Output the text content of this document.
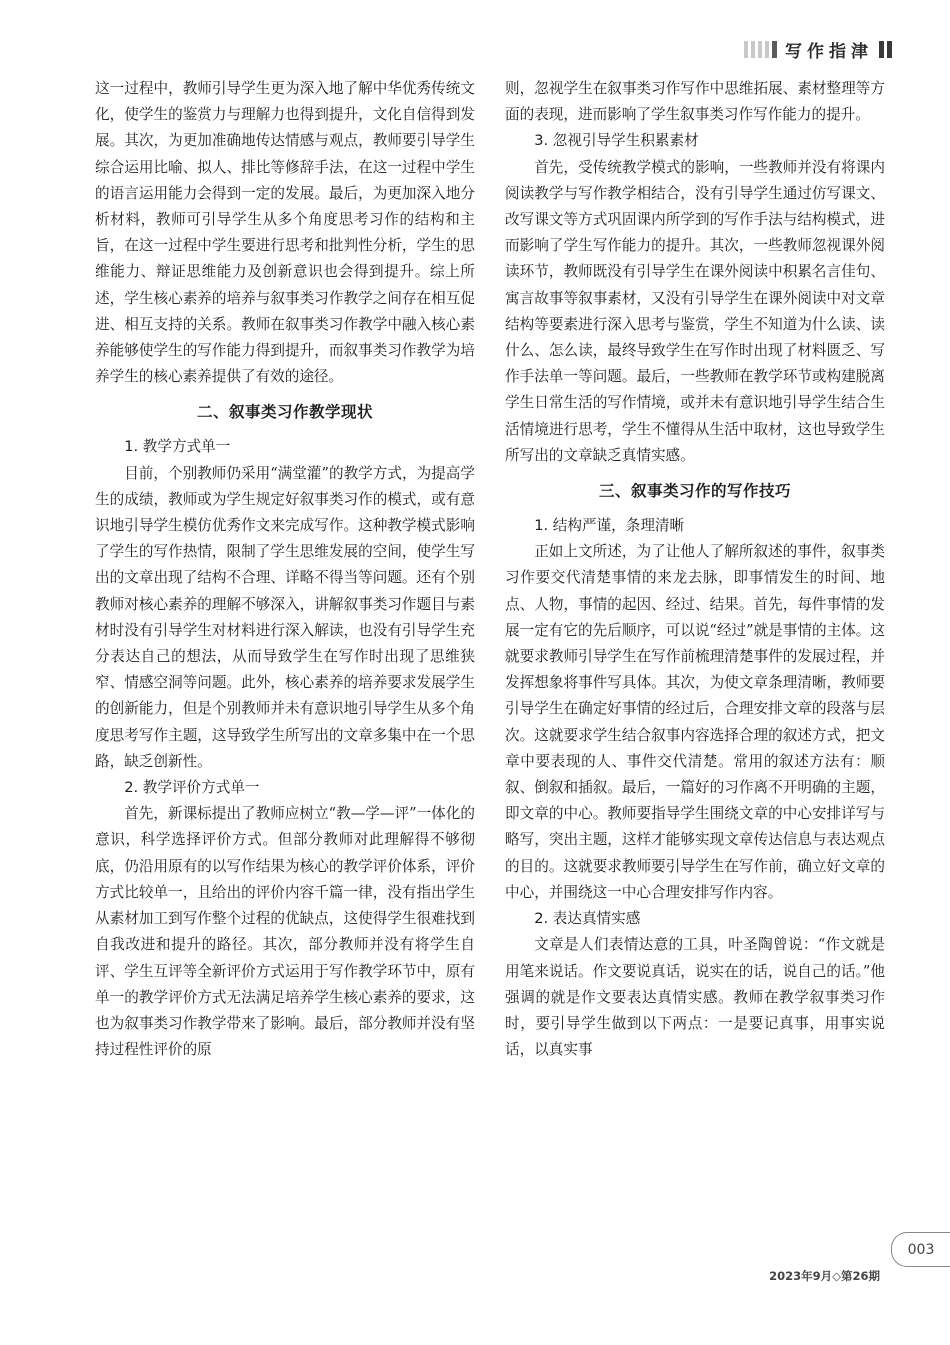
写作指津

这一过程中，教师引导学生更为深入地了解中华优秀传统文化，使学生的鉴赏力与理解力也得到提升，文化自信得到发展。其次，为更加准确地传达情感与观点，教师要引导学生综合运用比喻、拟人、排比等修辞手法，在这一过程中学生的语言运用能力会得到一定的发展。最后，为更加深入地分析材料，教师可引导学生从多个角度思考习作的结构和主旨，在这一过程中学生要进行思考和批判性分析，学生的思维能力、辩证思维能力及创新意识也会得到提升。综上所述，学生核心素养的培养与叙事类习作教学之间存在相互促进、相互支持的关系。教师在叙事类习作教学中融入核心素养能够使学生的写作能力得到提升，而叙事类习作教学为培养学生的核心素养提供了有效的途径。

二、叙事类习作教学现状
1. 教学方式单一

目前，个别教师仍采用“满堂灌”的教学方式，为提高学生的成绩，教师或为学生规定好叙事类习作的模式，或有意识地引导学生模仿优秀作文来完成写作。这种教学模式影响了学生的写作热情，限制了学生思维发展的空间，使学生写出的文章出现了结构不合理、详略不得当等问题。还有个别教师对核心素养的理解不够深入，讲解叙事类习作题目与素材时没有引导学生对材料进行深入解读，也没有引导学生充分表达自己的想法，从而导致学生在写作时出现了思维狭窄、情感空洞等问题。此外，核心素养的培养要求发展学生的创新能力，但是个别教师并未有意识地引导学生从多个角度思考写作主题，这导致学生所写出的文章多集中在一个思路，缺乏创新性。

2. 教学评价方式单一

首先，新课标提出了教师应树立“教—学—评”一体化的意识，科学选择评价方式。但部分教师对此理解得不够彻底，仍沿用原有的以写作结果为核心的教学评价体系，评价方式比较单一，且给出的评价内容千篇一律，没有指出学生从素材加工到写作整个过程的优缺点，这使得学生很难找到自我改进和提升的路径。其次，部分教师并没有将学生自评、学生互评等全新评价方式运用于写作教学环节中，原有单一的教学评价方式无法满足培养学生核心素养的要求，这也为叙事类习作教学带来了影响。最后，部分教师并没有坚持过程性评价的原

则，忽视学生在叙事类习作写作中思维拓展、素材整理等方面的表现，进而影响了学生叙事类习作写作能力的提升。

3. 忽视引导学生积累素材

首先，受传统教学模式的影响，一些教师并没有将课内阅读教学与写作教学相结合，没有引导学生通过仿写课文、改写课文等方式巩固课内所学到的写作手法与结构模式，进而影响了学生写作能力的提升。其次，一些教师忽视课外阅读环节，教师既没有引导学生在课外阅读中积累名言佳句、寓言故事等叙事素材，又没有引导学生在课外阅读中对文章结构等要素进行深入思考与鉴赏，学生不知道为什么读、读什么、怎么读，最终导致学生在写作时出现了材料匮乏、写作手法单一等问题。最后，一些教师在教学环节或构建脱离学生日常生活的写作情境，或并未有意识地引导学生结合生活情境进行思考，学生不懂得从生活中取材，这也导致学生所写出的文章缺乏真情实感。

三、叙事类习作的写作技巧
1. 结构严谨，条理清晰

正如上文所述，为了让他人了解所叙述的事件，叙事类习作要交代清楚事情的来龙去脉，即事情发生的时间、地点、人物，事情的起因、经过、结果。首先，每件事情的发展一定有它的先后顺序，可以说“经过”就是事情的主体。这就要求教师引导学生在写作前梳理清楚事件的发展过程，并发挥想象将事件写具体。其次，为使文章条理清晰，教师要引导学生在确定好事情的经过后，合理安排文章的段落与层次。这就要求学生结合叙事内容选择合理的叙述方式，把文章中要表现的人、事件交代清楚。常用的叙述方法有：顺叙、倒叙和插叙。最后，一篇好的习作离不开明确的主题，即文章的中心。教师要指导学生围绕文章的中心安排详写与略写，突出主题，这样才能够实现文章传达信息与表达观点的目的。这就要求教师要引导学生在写作前，确立好文章的中心，并围绕这一中心合理安排写作内容。

2. 表达真情实感

文章是人们表情达意的工具，叶圣陶曾说：“作文就是用笔来说话。作文要说真话，说实在的话，说自己的话。”他强调的就是作文要表达真情实感。教师在教学叙事类习作时，要引导学生做到以下两点：一是要记真事，用事实说话，以真实事

003
2023年9月◇第26期
